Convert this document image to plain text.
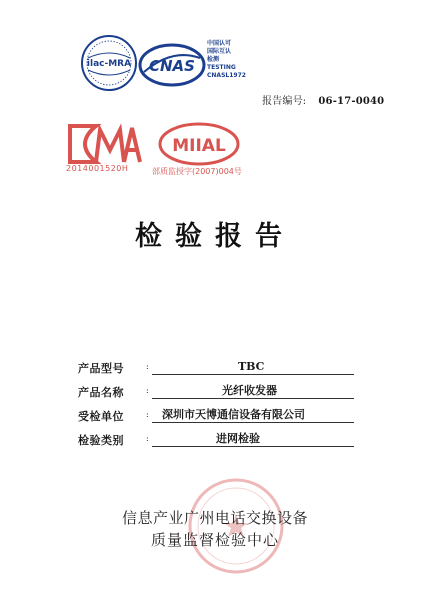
ilac-MRA CNAS
中国认可
国际互认
检测
TESTING
CNASL1972
报告编号: 06-17-0040
2014001520H
MIIAL
部质监授字(2007)004号
检验报告
产品型号	:	TBC
产品名称	:	光纤收发器
受检单位	:	深圳市天博通信设备有限公司
检验类别	:	进网检验
信息产业广州电话交换设备
质量监督检验中心
